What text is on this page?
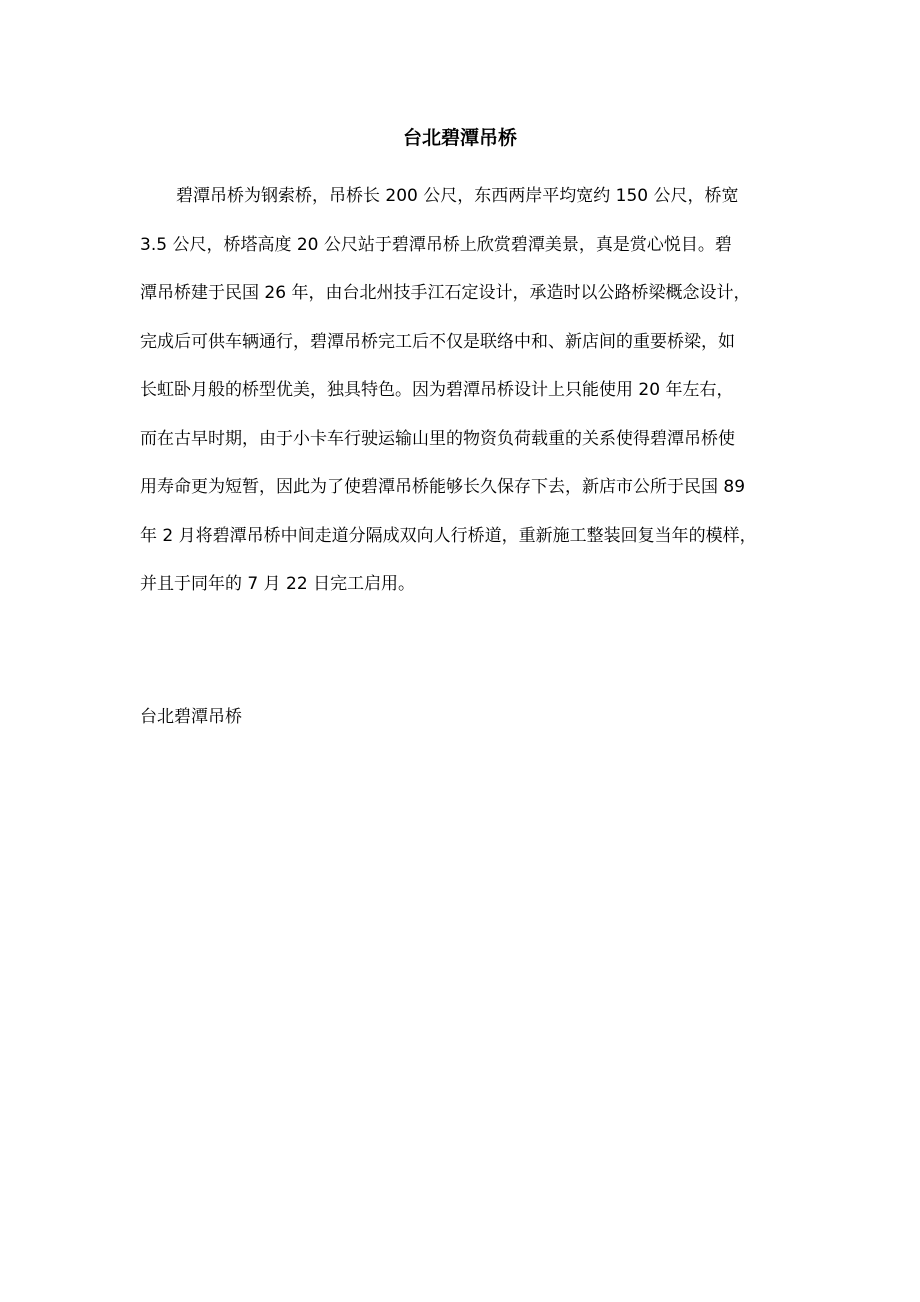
台北碧潭吊桥

碧潭吊桥为钢索桥，吊桥长 200 公尺，东西两岸平均宽约 150 公尺，桥宽
3.5 公尺，桥塔高度 20 公尺站于碧潭吊桥上欣赏碧潭美景，真是赏心悦目。碧
潭吊桥建于民国 26 年，由台北州技手江石定设计，承造时以公路桥梁概念设计，
完成后可供车辆通行，碧潭吊桥完工后不仅是联络中和、新店间的重要桥梁，如
长虹卧月般的桥型优美，独具特色。因为碧潭吊桥设计上只能使用 20 年左右，
而在古早时期，由于小卡车行驶运输山里的物资负荷载重的关系使得碧潭吊桥使
用寿命更为短暂，因此为了使碧潭吊桥能够长久保存下去，新店市公所于民国 89
年 2 月将碧潭吊桥中间走道分隔成双向人行桥道，重新施工整装回复当年的模样，
并且于同年的 7 月 22 日完工启用。

台北碧潭吊桥
